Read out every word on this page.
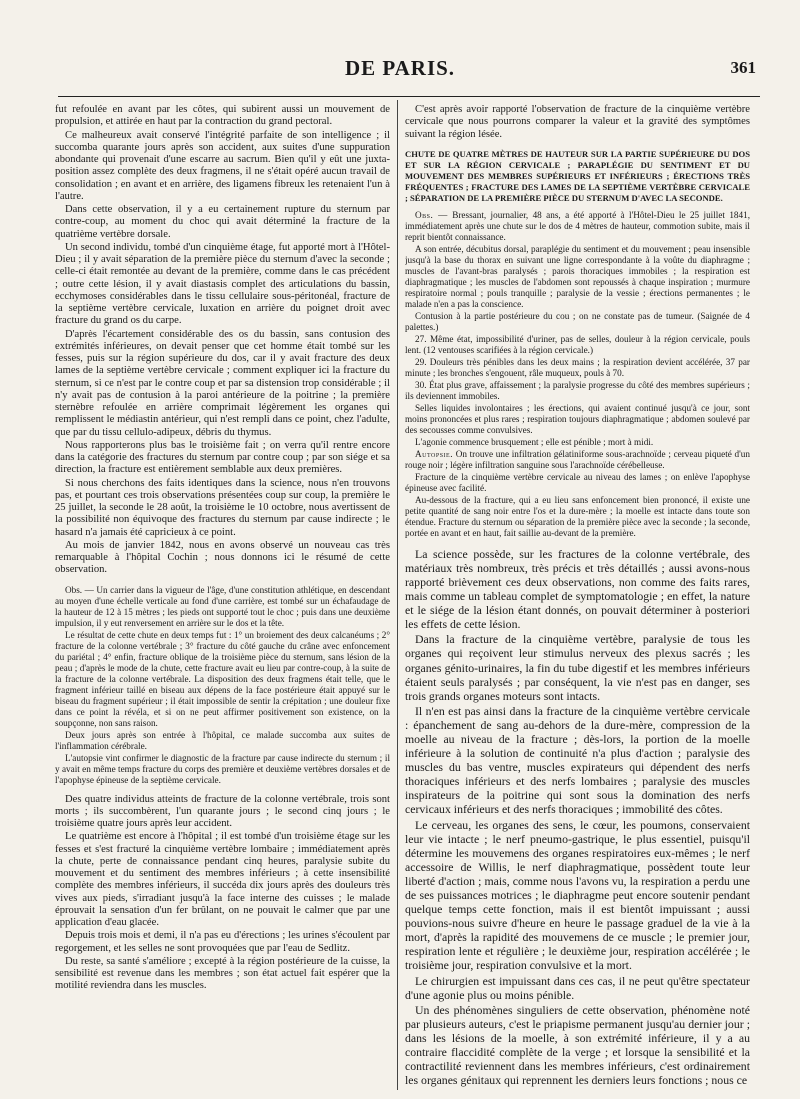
DE PARIS.	361

fut refoulée en avant par les côtes, qui subirent aussi un mouvement de propulsion, et attirée en haut par la contraction du grand pectoral.

Ce malheureux avait conservé l'intégrité parfaite de son intelligence ; il succomba quarante jours après son accident, aux suites d'une suppuration abondante qui provenait d'une escarre au sacrum. Bien qu'il y eût une juxta-position assez complète des deux fragmens, il ne s'était opéré aucun travail de consolidation ; en avant et en arrière, des ligamens fibreux les retenaient l'un à l'autre.

Dans cette observation, il y a eu certainement rupture du sternum par contre-coup, au moment du choc qui avait déterminé la fracture de la quatrième vertèbre dorsale.

Un second individu, tombé d'un cinquième étage, fut apporté mort à l'Hôtel-Dieu ; il y avait séparation de la première pièce du sternum d'avec la seconde ; celle-ci était remontée au devant de la première, comme dans le cas précédent ; outre cette lésion, il y avait diastasis complet des articulations du bassin, ecchymoses considérables dans le tissu cellulaire sous-péritonéal, fracture de la septième vertèbre cervicale, luxation en arrière du poignet droit avec fracture du grand os du carpe.

D'après l'écartement considérable des os du bassin, sans contusion des extrémités inférieures, on devait penser que cet homme était tombé sur les fesses, puis sur la région supérieure du dos, car il y avait fracture des deux lames de la septième vertèbre cervicale ; comment expliquer ici la fracture du sternum, si ce n'est par le contre coup et par sa distension trop considérable ; il n'y avait pas de contusion à la paroi antérieure de la poitrine ; la première sternèbre refoulée en arrière comprimait légèrement les organes qui remplissent le médiastin antérieur, qui n'est rempli dans ce point, chez l'adulte, que par du tissu cellulo-adipeux, débris du thymus.

Nous rapporterons plus bas le troisième fait ; on verra qu'il rentre encore dans la catégorie des fractures du sternum par contre coup ; par son siége et sa direction, la fracture est entièrement semblable aux deux premières.

Si nous cherchons des faits identiques dans la science, nous n'en trouvons pas, et pourtant ces trois observations présentées coup sur coup, la première le 25 juillet, la seconde le 28 août, la troisième le 10 octobre, nous avertissent de la possibilité non équivoque des fractures du sternum par cause indirecte ; le hasard n'a jamais été capricieux à ce point.

Au mois de janvier 1842, nous en avons observé un nouveau cas très remarquable à l'hôpital Cochin ; nous donnons ici le résumé de cette observation.

Obs. — Un carrier dans la vigueur de l'âge, d'une constitution athlétique, en descendant au moyen d'une échelle verticale au fond d'une carrière, est tombé sur un échafaudage de la hauteur de 12 à 15 mètres ; les pieds ont supporté tout le choc ; puis dans une deuxième impulsion, il y eut renversement en arrière sur le dos et la tête.

Le résultat de cette chute en deux temps fut : 1° un broiement des deux calcanéums ; 2° fracture de la colonne vertébrale ; 3° fracture du côté gauche du crâne avec enfoncement du pariétal ; 4° enfin, fracture oblique de la troisième pièce du sternum, sans lésion de la peau ; d'après le mode de la chute, cette fracture avait eu lieu par contre-coup, à la suite de la fracture de la colonne vertébrale. La disposition des deux fragmens était telle, que le fragment inférieur taillé en biseau aux dépens de la face postérieure était appuyé sur le biseau du fragment supérieur ; il était impossible de sentir la crépitation ; une douleur fixe dans ce point la révéla, et si on ne peut affirmer positivement son existence, on la soupçonne, non sans raison.

Deux jours après son entrée à l'hôpital, ce malade succomba aux suites de l'inflammation cérébrale.

L'autopsie vint confirmer le diagnostic de la fracture par cause indirecte du sternum ; il y avait en même temps fracture du corps des première et deuxième vertèbres dorsales et de l'apophyse épineuse de la septième cervicale.

Des quatre individus atteints de fracture de la colonne vertébrale, trois sont morts ; ils succombèrent, l'un quarante jours ; le second cinq jours ; le troisième quatre jours après leur accident.

Le quatrième est encore à l'hôpital ; il est tombé d'un troisième étage sur les fesses et s'est fracturé la cinquième vertèbre lombaire ; immédiatement après la chute, perte de connaissance pendant cinq heures, paralysie subite du mouvement et du sentiment des membres inférieurs ; à cette insensibilité complète des membres inférieurs, il succéda dix jours après des douleurs très vives aux pieds, s'irradiant jusqu'à la face interne des cuisses ; le malade éprouvait la sensation d'un fer brûlant, on ne pouvait le calmer que par une application d'eau glacée.

Depuis trois mois et demi, il n'a pas eu d'érections ; les urines s'écoulent par regorgement, et les selles ne sont provoquées que par l'eau de Sedlitz.

Du reste, sa santé s'améliore ; excepté à la région postérieure de la cuisse, la sensibilité est revenue dans les membres ; son état actuel fait espérer que la motilité reviendra dans les muscles.

C'est après avoir rapporté l'observation de fracture de la cinquième vertèbre cervicale que nous pourrons comparer la valeur et la gravité des symptômes suivant la région lésée.

CHUTE DE QUATRE MÈTRES DE HAUTEUR SUR LA PARTIE SUPÉRIEURE DU DOS ET SUR LA RÉGION CERVICALE ; PARAPLÉGIE DU SENTIMENT ET DU MOUVEMENT DES MEMBRES SUPÉRIEURS ET INFÉRIEURS ; ÉRECTIONS TRÈS FRÉQUENTES ; FRACTURE DES LAMES DE LA SEPTIÈME VERTÈBRE CERVICALE ; SÉPARATION DE LA PREMIÈRE PIÈCE DU STERNUM D'AVEC LA SECONDE.

Obs. — Bressant, journalier, 48 ans, a été apporté à l'Hôtel-Dieu le 25 juillet 1841, immédiatement après une chute sur le dos de 4 mètres de hauteur, commotion subite, mais il reprit bientôt connaissance.

A son entrée, décubitus dorsal, paraplégie du sentiment et du mouvement ; peau insensible jusqu'à la base du thorax en suivant une ligne correspondante à la voûte du diaphragme ; muscles de l'avant-bras paralysés ; parois thoraciques immobiles ; la respiration est diaphragmatique ; les muscles de l'abdomen sont repoussés à chaque inspiration ; murmure respiratoire normal ; pouls tranquille ; paralysie de la vessie ; érections permanentes ; le malade n'en a pas la conscience.

Contusion à la partie postérieure du cou ; on ne constate pas de tumeur. (Saignée de 4 palettes.)

27. Même état, impossibilité d'uriner, pas de selles, douleur à la région cervicale, pouls lent. (12 ventouses scarifiées à la région cervicale.)

29. Douleurs très pénibles dans les deux mains ; la respiration devient accélérée, 37 par minute ; les bronches s'engouent, râle muqueux, pouls à 70.

30. État plus grave, affaissement ; la paralysie progresse du côté des membres supérieurs ; ils deviennent immobiles.

Selles liquides involontaires ; les érections, qui avaient continué jusqu'à ce jour, sont moins prononcées et plus rares ; respiration toujours diaphragmatique ; abdomen soulevé par des secousses comme convulsives.

L'agonie commence brusquement ; elle est pénible ; mort à midi.

Autopsie. On trouve une infiltration gélatiniforme sous-arachnoïde ; cerveau piqueté d'un rouge noir ; légère infiltration sanguine sous l'arachnoïde cérébelleuse.

Fracture de la cinquième vertèbre cervicale au niveau des lames ; on enlève l'apophyse épineuse avec facilité.

Au-dessous de la fracture, qui a eu lieu sans enfoncement bien prononcé, il existe une petite quantité de sang noir entre l'os et la dure-mère ; la moelle est intacte dans toute son étendue. Fracture du sternum ou séparation de la première pièce avec la seconde ; la seconde, portée en avant et en haut, fait saillie au-devant de la première.

La science possède, sur les fractures de la colonne vertébrale, des matériaux très nombreux, très précis et très détaillés ; aussi avons-nous rapporté brièvement ces deux observations, non comme des faits rares, mais comme un tableau complet de symptomatologie ; en effet, la nature et le siége de la lésion étant donnés, on pouvait déterminer à posteriori les effets de cette lésion.

Dans la fracture de la cinquième vertèbre, paralysie de tous les organes qui reçoivent leur stimulus nerveux des plexus sacrés ; les organes génito-urinaires, la fin du tube digestif et les membres inférieurs étaient seuls paralysés ; par conséquent, la vie n'est pas en danger, ses trois grands organes moteurs sont intacts.

Il n'en est pas ainsi dans la fracture de la cinquième vertèbre cervicale : épanchement de sang au-dehors de la dure-mère, compression de la moelle au niveau de la fracture ; dès-lors, la portion de la moelle inférieure à la solution de continuité n'a plus d'action ; paralysie des muscles du bas ventre, muscles expirateurs qui dépendent des nerfs thoraciques inférieurs et des nerfs lombaires ; paralysie des muscles inspirateurs de la poitrine qui sont sous la domination des nerfs cervicaux inférieurs et des nerfs thoraciques ; immobilité des côtes.

Le cerveau, les organes des sens, le cœur, les poumons, conservaient leur vie intacte ; le nerf pneumo-gastrique, le plus essentiel, puisqu'il détermine les mouvemens des organes respiratoires eux-mêmes ; le nerf accessoire de Willis, le nerf diaphragmatique, possèdent toute leur liberté d'action ; mais, comme nous l'avons vu, la respiration a perdu une de ses puissances motrices ; le diaphragme peut encore soutenir pendant quelque temps cette fonction, mais il est bientôt impuissant ; aussi pouvions-nous suivre d'heure en heure le passage graduel de la vie à la mort, d'après la rapidité des mouvemens de ce muscle ; le premier jour, respiration lente et régulière ; le deuxième jour, respiration accélérée ; le troisième jour, respiration convulsive et la mort.

Le chirurgien est impuissant dans ces cas, il ne peut qu'être spectateur d'une agonie plus ou moins pénible.

Un des phénomènes singuliers de cette observation, phénomène noté par plusieurs auteurs, c'est le priapisme permanent jusqu'au dernier jour ; dans les lésions de la moelle, à son extrémité inférieure, il y a au contraire flaccidité complète de la verge ; et lorsque la sensibilité et la contractilité reviennent dans les membres inférieurs, c'est ordinairement les organes génitaux qui reprennent les derniers leurs fonctions ; nous ce
